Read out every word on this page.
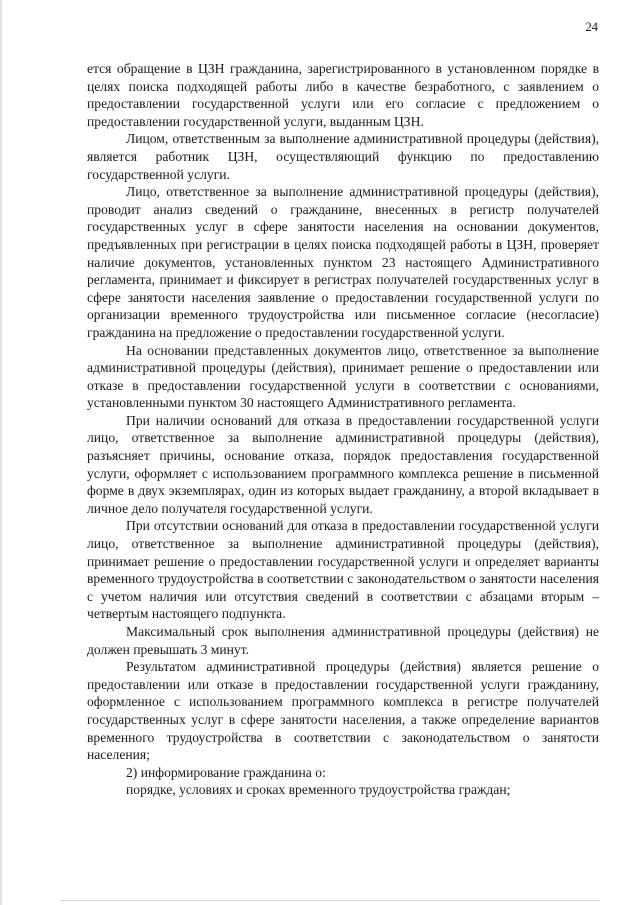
24

ется обращение в ЦЗН гражданина, зарегистрированного в установленном порядке в целях поиска подходящей работы либо в качестве безработного, с заявлением о предоставлении государственной услуги или его согласие с предложением о предоставлении государственной услуги, выданным ЦЗН.

Лицом, ответственным за выполнение административной процедуры (действия), является работник ЦЗН, осуществляющий функцию по предоставлению государственной услуги.

Лицо, ответственное за выполнение административной процедуры (действия), проводит анализ сведений о гражданине, внесенных в регистр получателей государственных услуг в сфере занятости населения на основании документов, предъявленных при регистрации в целях поиска подходящей работы в ЦЗН, проверяет наличие документов, установленных пунктом 23 настоящего Административного регламента, принимает и фиксирует в регистрах получателей государственных услуг в сфере занятости населения заявление о предоставлении государственной услуги по организации временного трудоустройства или письменное согласие (несогласие) гражданина на предложение о предоставлении государственной услуги.

На основании представленных документов лицо, ответственное за выполнение административной процедуры (действия), принимает решение о предоставлении или отказе в предоставлении государственной услуги в соответствии с основаниями, установленными пунктом 30 настоящего Административного регламента.

При наличии оснований для отказа в предоставлении государственной услуги лицо, ответственное за выполнение административной процедуры (действия), разъясняет причины, основание отказа, порядок предоставления государственной услуги, оформляет с использованием программного комплекса решение в письменной форме в двух экземплярах, один из которых выдает гражданину, а второй вкладывает в личное дело получателя государственной услуги.

При отсутствии оснований для отказа в предоставлении государственной услуги лицо, ответственное за выполнение административной процедуры (действия), принимает решение о предоставлении государственной услуги и определяет варианты временного трудоустройства в соответствии с законодательством о занятости населения с учетом наличия или отсутствия сведений в соответствии с абзацами вторым – четвертым настоящего подпункта.

Максимальный срок выполнения административной процедуры (действия) не должен превышать 3 минут.

Результатом административной процедуры (действия) является решение о предоставлении или отказе в предоставлении государственной услуги гражданину, оформленное с использованием программного комплекса в регистре получателей государственных услуг в сфере занятости населения, а также определение вариантов временного трудоустройства в соответствии с законодательством о занятости населения;

2) информирование гражданина о:

порядке, условиях и сроках временного трудоустройства граждан;
